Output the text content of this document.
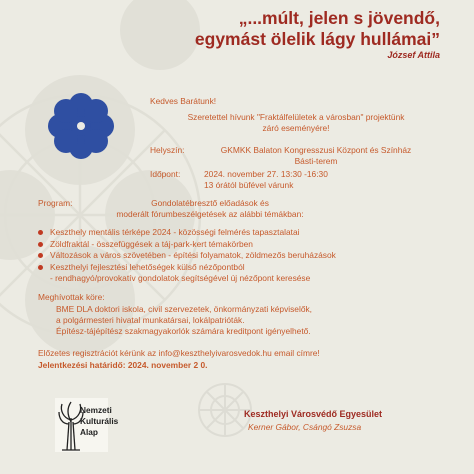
„...múlt, jelen s jövendő,
egymást ölelik lágy hullámai”
József Attila
Kedves Barátunk!
Szeretettel hívunk "Fraktálfelületek a városban" projektünk
záró eseményére!
Helyszín:	GKMKK Balaton Kongresszusi Központ és Színház
Básti-terem
Időpont:	2024. november 27. 13:30 -16:30
13 órától büfével várunk
Program:	Gondolatébresztő előadások és
moderált fórumbeszélgetések az alábbi témákban:
Keszthely mentális térképe 2024 - közösségi felmérés tapasztalatai
Zöldfraktál - összefüggések a táj-park-kert témakörben
Változások a város szövetében - építési folyamatok, zöldmezős beruházások
Keszthelyi fejlesztési lehetőségek külső nézőpontból
- rendhagyó/provokatív gondolatok segítségével új nézőpont keresése
Meghívottak köre:
BME DLA doktori iskola, civil szervezetek, önkormányzati képviselők,
a polgármesteri hivatal munkatársai, lokálpatrióták.
Építész-tájépítész szakmagyakorlók számára kreditpont igényelhető.
Előzetes regisztrációt kérünk az info@keszthelyivarosvedok.hu email címre!
Jelentkezési határidő: 2024. november 2 0.
Nemzeti
Kulturális
Alap
Keszthelyi Városvédő Egyesület
Kerner Gábor, Csángó Zsuzsa
